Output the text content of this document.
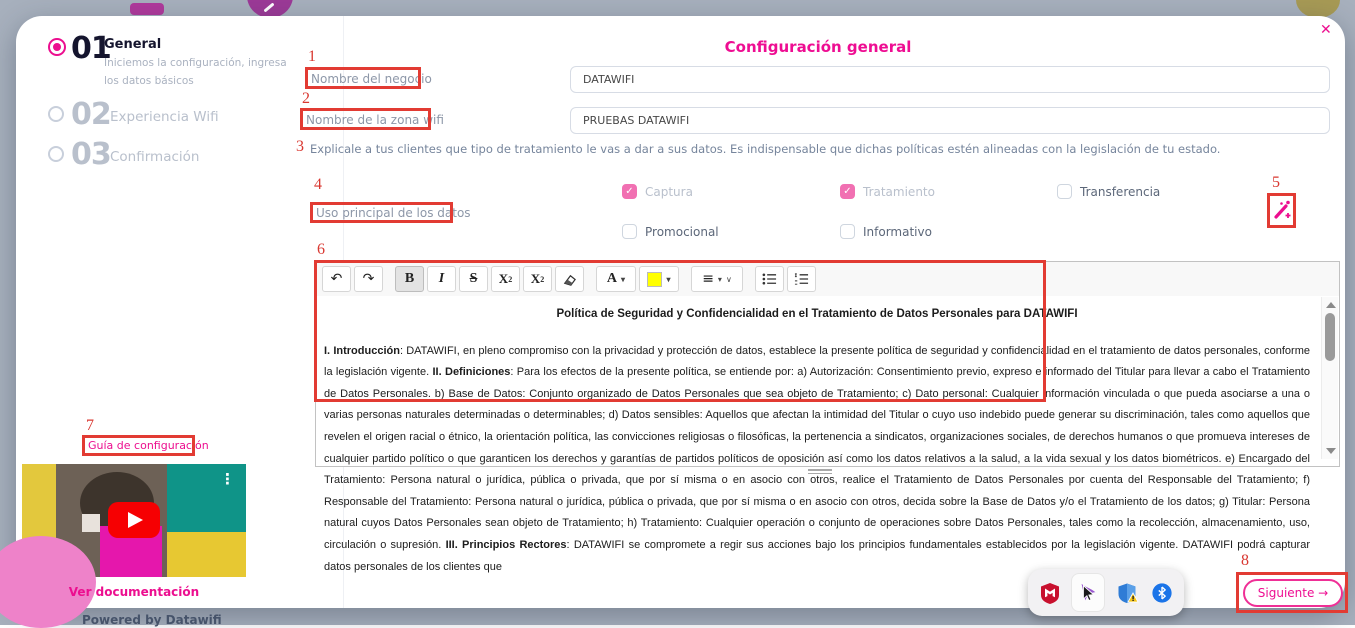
01
General
Iniciemos la configuración, ingresa los datos básicos
02 Experiencia Wifi
03 Confirmación
Guía de configuración
⋮
Ver documentación
Configuración general
✕
Nombre del negocio
DATAWIFI
Nombre de la zona wifi
PRUEBAS DATAWIFI
Explicale a tus clientes que tipo de tratamiento le vas a dar a sus datos. Es indispensable que dichas políticas estén alineadas con la legislación de tu estado.
Uso principal de los datos
✓ Captura	✓ Tratamiento	Transferencia
Promocional	Informativo
↶	↷	B	I	S	X 2 X 2	A ▾	▾ ≡ ▾ ∨
Política de Seguridad y Confidencialidad en el Tratamiento de Datos Personales para DATAWIFI
I. Introducción: DATAWIFI, en pleno compromiso con la privacidad y protección de datos, establece la presente política de seguridad y confidencialidad en el tratamiento de datos personales, conforme la legislación vigente. II. Definiciones: Para los efectos de la presente política, se entiende por: a) Autorización: Consentimiento previo, expreso e informado del Titular para llevar a cabo el Tratamiento de Datos Personales. b) Base de Datos: Conjunto organizado de Datos Personales que sea objeto de Tratamiento; c) Dato personal: Cualquier información vinculada o que pueda asociarse a una o varias personas naturales determinadas o determinables; d) Datos sensibles: Aquellos que afectan la intimidad del Titular o cuyo uso indebido puede generar su discriminación, tales como aquellos que revelen el origen racial o étnico, la orientación política, las convicciones religiosas o filosóficas, la pertenencia a sindicatos, organizaciones sociales, de derechos humanos o que promueva intereses de cualquier partido político o que garanticen los derechos y garantías de partidos políticos de oposición así como los datos relativos a la salud, a la vida sexual y los datos biométricos. e) Encargado del Tratamiento: Persona natural o jurídica, pública o privada, que por sí misma o en asocio con otros, realice el Tratamiento de Datos Personales por cuenta del Responsable del Tratamiento; f) Responsable del Tratamiento: Persona natural o jurídica, pública o privada, que por sí misma o en asocio con otros, decida sobre la Base de Datos y/o el Tratamiento de los datos; g) Titular: Persona natural cuyos Datos Personales sean objeto de Tratamiento; h) Tratamiento: Cualquier operación o conjunto de operaciones sobre Datos Personales, tales como la recolección, almacenamiento, uso, circulación o supresión. III. Principios Rectores: DATAWIFI se compromete a regir sus acciones bajo los principios fundamentales establecidos por la legislación vigente. DATAWIFI podrá capturar datos personales de los clientes que
Siguiente →
Powered by Datawifi
1
2
3
4	5
6
7
8
